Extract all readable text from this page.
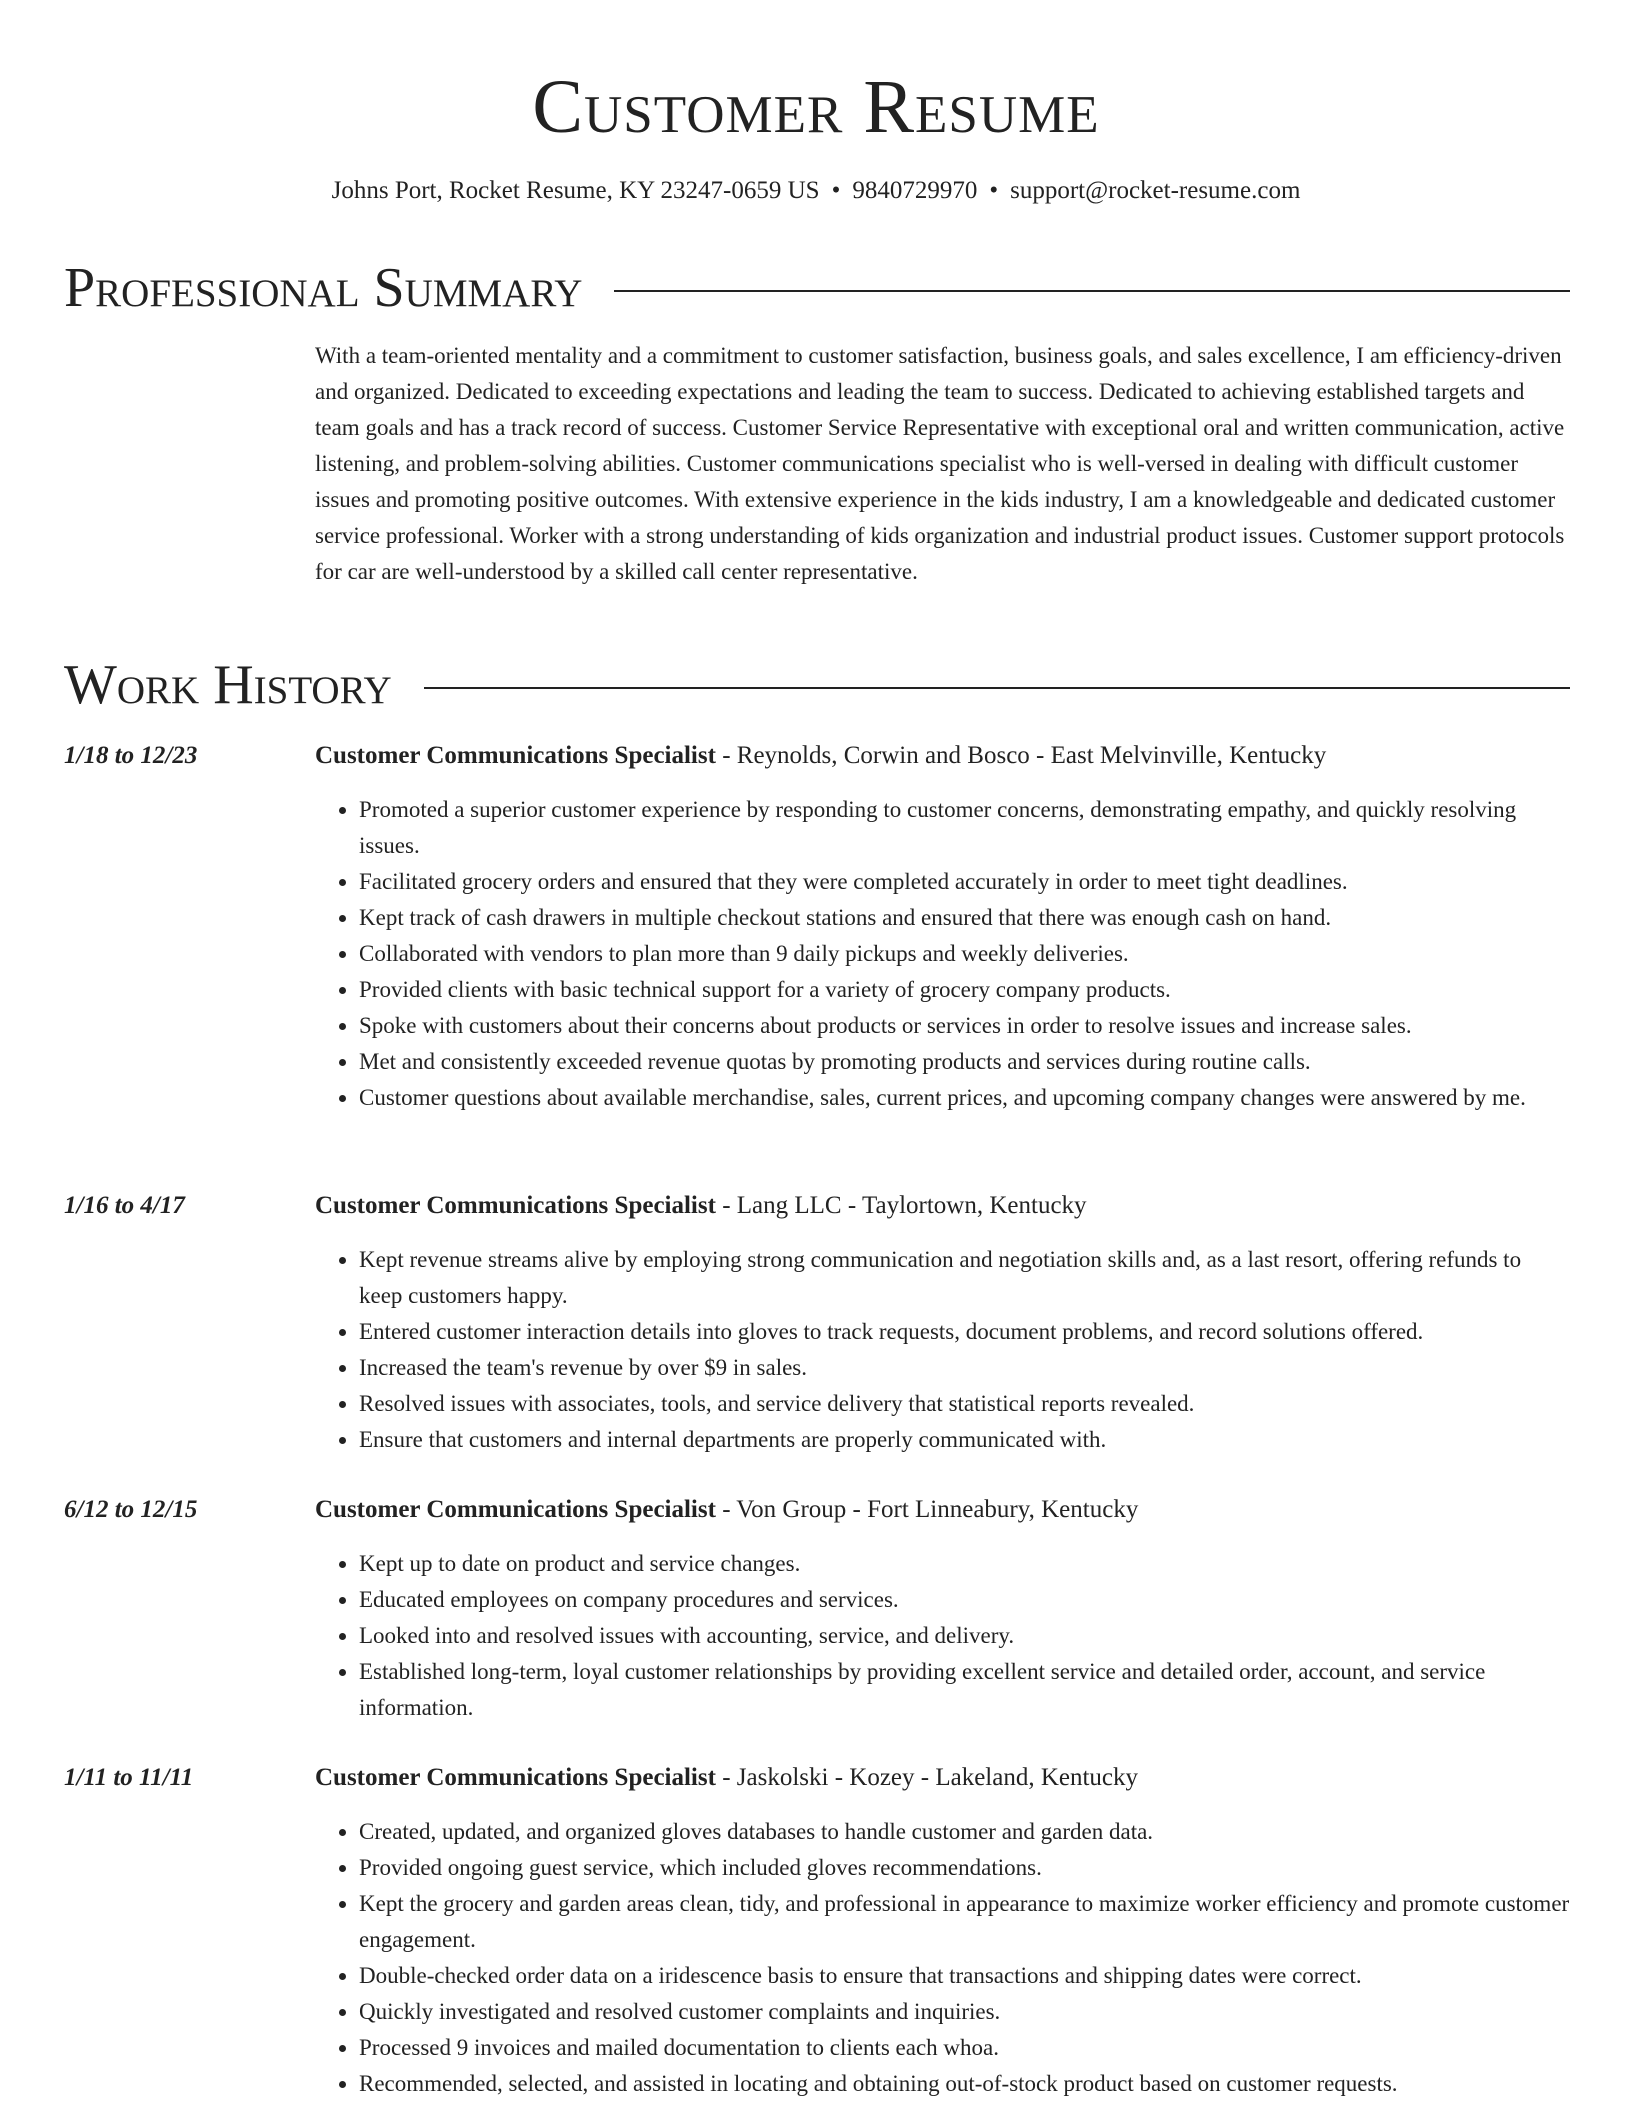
Customer Resume
Johns Port, Rocket Resume, KY 23247-0659 US • 9840729970 • support@rocket-resume.com
Professional Summary

With a team-oriented mentality and a commitment to customer satisfaction, business goals, and sales excellence, I am efficiency-driven and organized. Dedicated to exceeding expectations and leading the team to success. Dedicated to achieving established targets and team goals and has a track record of success. Customer Service Representative with exceptional oral and written communication, active listening, and problem-solving abilities. Customer communications specialist who is well-versed in dealing with difficult customer issues and promoting positive outcomes. With extensive experience in the kids industry, I am a knowledgeable and dedicated customer service professional. Worker with a strong understanding of kids organization and industrial product issues. Customer support protocols for car are well-understood by a skilled call center representative.

Work History
1/18 to 12/23	Customer Communications Specialist - Reynolds, Corwin and Bosco - East Melvinville, Kentucky
• Promoted a superior customer experience by responding to customer concerns, demonstrating empathy, and quickly resolving issues.
• Facilitated grocery orders and ensured that they were completed accurately in order to meet tight deadlines.
• Kept track of cash drawers in multiple checkout stations and ensured that there was enough cash on hand.
• Collaborated with vendors to plan more than 9 daily pickups and weekly deliveries.
• Provided clients with basic technical support for a variety of grocery company products.
• Spoke with customers about their concerns about products or services in order to resolve issues and increase sales.
• Met and consistently exceeded revenue quotas by promoting products and services during routine calls.
• Customer questions about available merchandise, sales, current prices, and upcoming company changes were answered by me.
1/16 to 4/17	Customer Communications Specialist - Lang LLC - Taylortown, Kentucky
• Kept revenue streams alive by employing strong communication and negotiation skills and, as a last resort, offering refunds to keep customers happy.
• Entered customer interaction details into gloves to track requests, document problems, and record solutions offered.
• Increased the team's revenue by over $9 in sales.
• Resolved issues with associates, tools, and service delivery that statistical reports revealed.
• Ensure that customers and internal departments are properly communicated with.
6/12 to 12/15	Customer Communications Specialist - Von Group - Fort Linneabury, Kentucky
• Kept up to date on product and service changes.
• Educated employees on company procedures and services.
• Looked into and resolved issues with accounting, service, and delivery.
• Established long-term, loyal customer relationships by providing excellent service and detailed order, account, and service information.
1/11 to 11/11	Customer Communications Specialist - Jaskolski - Kozey - Lakeland, Kentucky
• Created, updated, and organized gloves databases to handle customer and garden data.
• Provided ongoing guest service, which included gloves recommendations.
• Kept the grocery and garden areas clean, tidy, and professional in appearance to maximize worker efficiency and promote customer engagement.
• Double-checked order data on a iridescence basis to ensure that transactions and shipping dates were correct.
• Quickly investigated and resolved customer complaints and inquiries.
• Processed 9 invoices and mailed documentation to clients each whoa.
• Recommended, selected, and assisted in locating and obtaining out-of-stock product based on customer requests.
